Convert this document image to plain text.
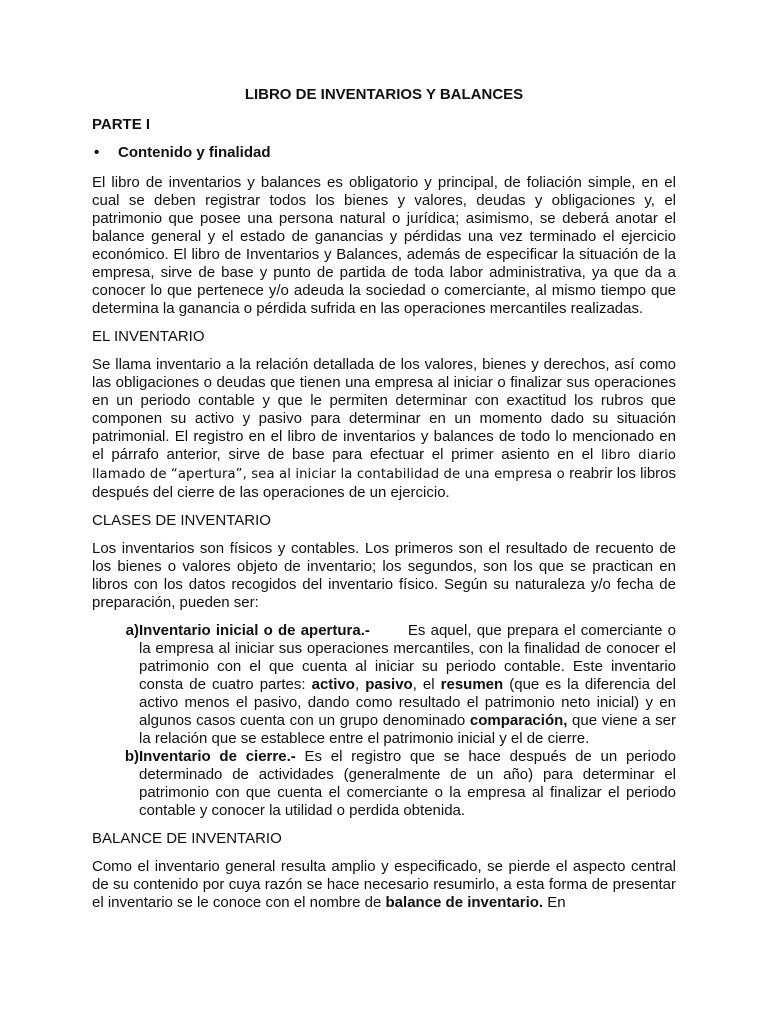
LIBRO DE INVENTARIOS Y BALANCES
PARTE I
•	Contenido y finalidad

El libro de inventarios y balances es obligatorio y principal, de foliación simple, en el cual se deben registrar todos los bienes y valores, deudas y obligaciones y, el patrimonio que posee una persona natural o jurídica; asimismo, se deberá anotar el balance general y el estado de ganancias y pérdidas una vez terminado el ejercicio económico. El libro de Inventarios y Balances, además de especificar la situación de la empresa, sirve de base y punto de partida de toda labor administrativa, ya que da a conocer lo que pertenece y/o adeuda la sociedad o comerciante, al mismo tiempo que determina la ganancia o pérdida sufrida en las operaciones mercantiles realizadas.

EL INVENTARIO

Se llama inventario a la relación detallada de los valores, bienes y derechos, así como las obligaciones o deudas que tienen una empresa al iniciar o finalizar sus operaciones en un periodo contable y que le permiten determinar con exactitud los rubros que componen su activo y pasivo para determinar en un momento dado su situación patrimonial. El registro en el libro de inventarios y balances de todo lo mencionado en el párrafo anterior, sirve de base para efectuar el primer asiento en el libro diario llamado de “apertura”, sea al iniciar la contabilidad de una empresa o reabrir los libros después del cierre de las operaciones de un ejercicio.

CLASES DE INVENTARIO

Los inventarios son físicos y contables. Los primeros son el resultado de recuento de los bienes o valores objeto de inventario; los segundos, son los que se practican en libros con los datos recogidos del inventario físico. Según su naturaleza y/o fecha de preparación, pueden ser:

a) Inventario inicial o de apertura.-	Es aquel, que prepara el comerciante o la empresa al iniciar sus operaciones mercantiles, con la finalidad de conocer el patrimonio con el que cuenta al iniciar su periodo contable. Este inventario consta de cuatro partes: activo, pasivo, el resumen (que es la diferencia del activo menos el pasivo, dando como resultado el patrimonio neto inicial) y en algunos casos cuenta con un grupo denominado comparación, que viene a ser la relación que se establece entre el patrimonio inicial y el de cierre.
b) Inventario de cierre.- Es el registro que se hace después de un periodo determinado de actividades (generalmente de un año) para determinar el patrimonio con que cuenta el comerciante o la empresa al finalizar el periodo contable y conocer la utilidad o perdida obtenida.
BALANCE DE INVENTARIO

Como el inventario general resulta amplio y especificado, se pierde el aspecto central de su contenido por cuya razón se hace necesario resumirlo, a esta forma de presentar el inventario se le conoce con el nombre de balance de inventario. En
